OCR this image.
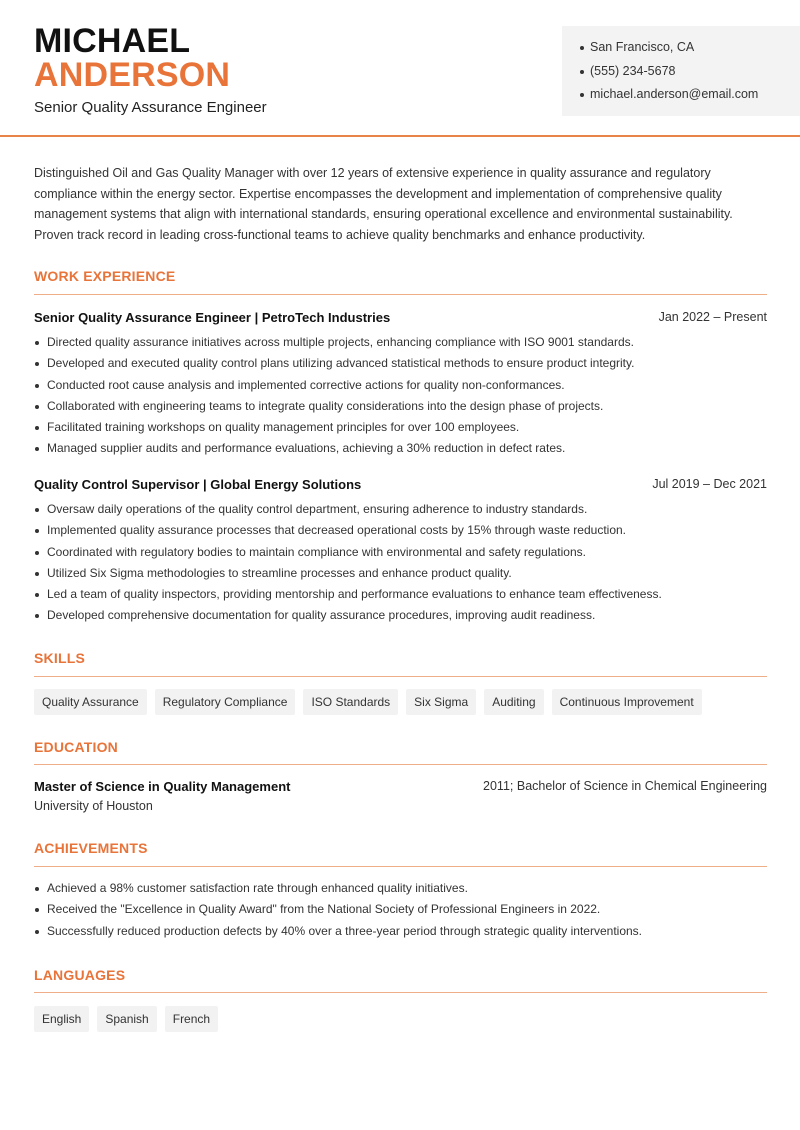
MICHAEL
ANDERSON
Senior Quality Assurance Engineer
San Francisco, CA
(555) 234-5678
michael.anderson@email.com

Distinguished Oil and Gas Quality Manager with over 12 years of extensive experience in quality assurance and regulatory compliance within the energy sector. Expertise encompasses the development and implementation of comprehensive quality management systems that align with international standards, ensuring operational excellence and environmental sustainability. Proven track record in leading cross-functional teams to achieve quality benchmarks and enhance productivity.

WORK EXPERIENCE
Senior Quality Assurance Engineer | PetroTech Industries	Jan 2022 – Present
Directed quality assurance initiatives across multiple projects, enhancing compliance with ISO 9001 standards.
Developed and executed quality control plans utilizing advanced statistical methods to ensure product integrity.
Conducted root cause analysis and implemented corrective actions for quality non-conformances.
Collaborated with engineering teams to integrate quality considerations into the design phase of projects.
Facilitated training workshops on quality management principles for over 100 employees.
Managed supplier audits and performance evaluations, achieving a 30% reduction in defect rates.
Quality Control Supervisor | Global Energy Solutions	Jul 2019 – Dec 2021
Oversaw daily operations of the quality control department, ensuring adherence to industry standards.
Implemented quality assurance processes that decreased operational costs by 15% through waste reduction.
Coordinated with regulatory bodies to maintain compliance with environmental and safety regulations.
Utilized Six Sigma methodologies to streamline processes and enhance product quality.
Led a team of quality inspectors, providing mentorship and performance evaluations to enhance team effectiveness.
Developed comprehensive documentation for quality assurance procedures, improving audit readiness.
SKILLS
Quality Assurance	Regulatory Compliance	ISO Standards	Six Sigma	Auditing	Continuous Improvement
EDUCATION
Master of Science in Quality Management	2011; Bachelor of Science in Chemical Engineering
University of Houston
ACHIEVEMENTS
Achieved a 98% customer satisfaction rate through enhanced quality initiatives.
Received the "Excellence in Quality Award" from the National Society of Professional Engineers in 2022.
Successfully reduced production defects by 40% over a three-year period through strategic quality interventions.
LANGUAGES
English	Spanish	French
